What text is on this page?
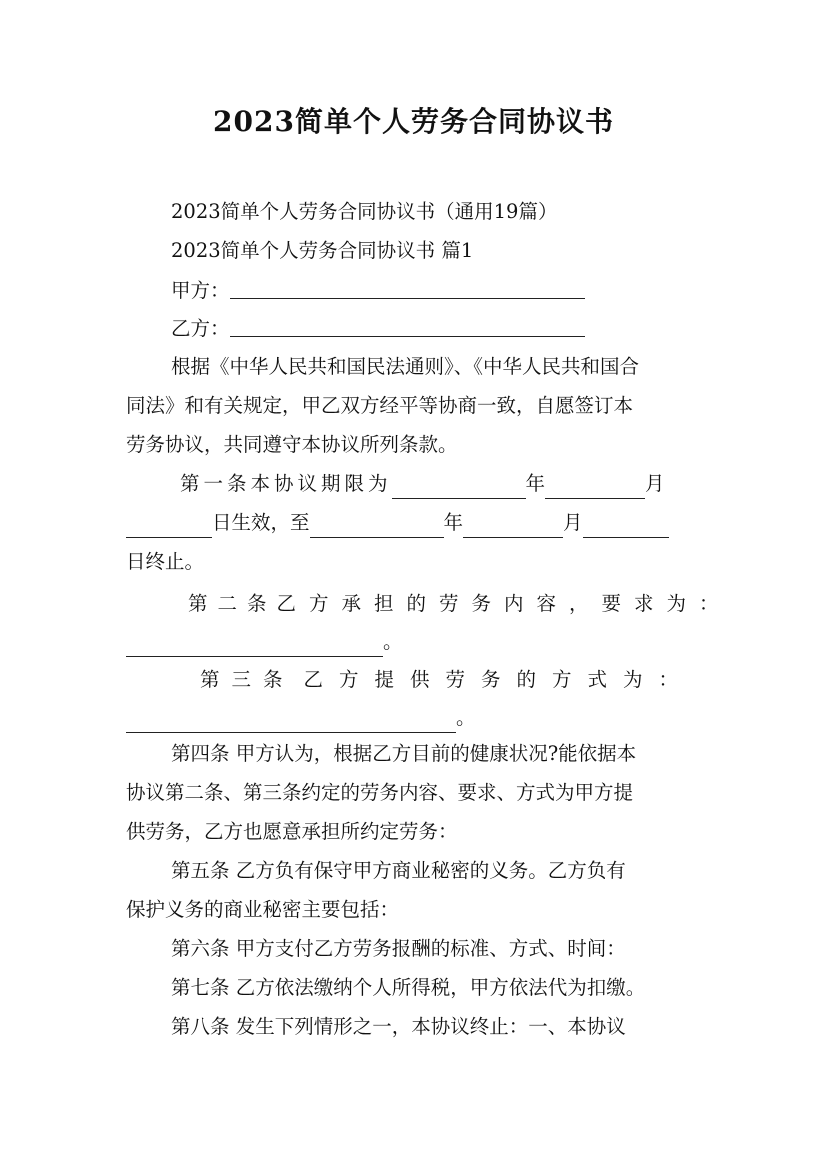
2023简单个人劳务合同协议书
2023简单个人劳务合同协议书（通用19篇）
2023简单个人劳务合同协议书 篇1
甲方：
乙方：
根据《中华人民共和国民法通则》、《中华人民共和国合
同法》和有关规定，甲乙双方经平等协商一致，自愿签订本
劳务协议，共同遵守本协议所列条款。
第一条本协议期限为	年	月
日生效，至	年	月
日终止。
第二条 乙方承担的劳务内容，要求为：
。
第三条 乙方提供劳务的方式为：
。
第四条 甲方认为，根据乙方目前的健康状况?能依据本
协议第二条、第三条约定的劳务内容、要求、方式为甲方提
供劳务，乙方也愿意承担所约定劳务：
第五条 乙方负有保守甲方商业秘密的义务。乙方负有
保护义务的商业秘密主要包括：
第六条 甲方支付乙方劳务报酬的标准、方式、时间：
第七条 乙方依法缴纳个人所得税，甲方依法代为扣缴。
第八条 发生下列情形之一，本协议终止：一、本协议
